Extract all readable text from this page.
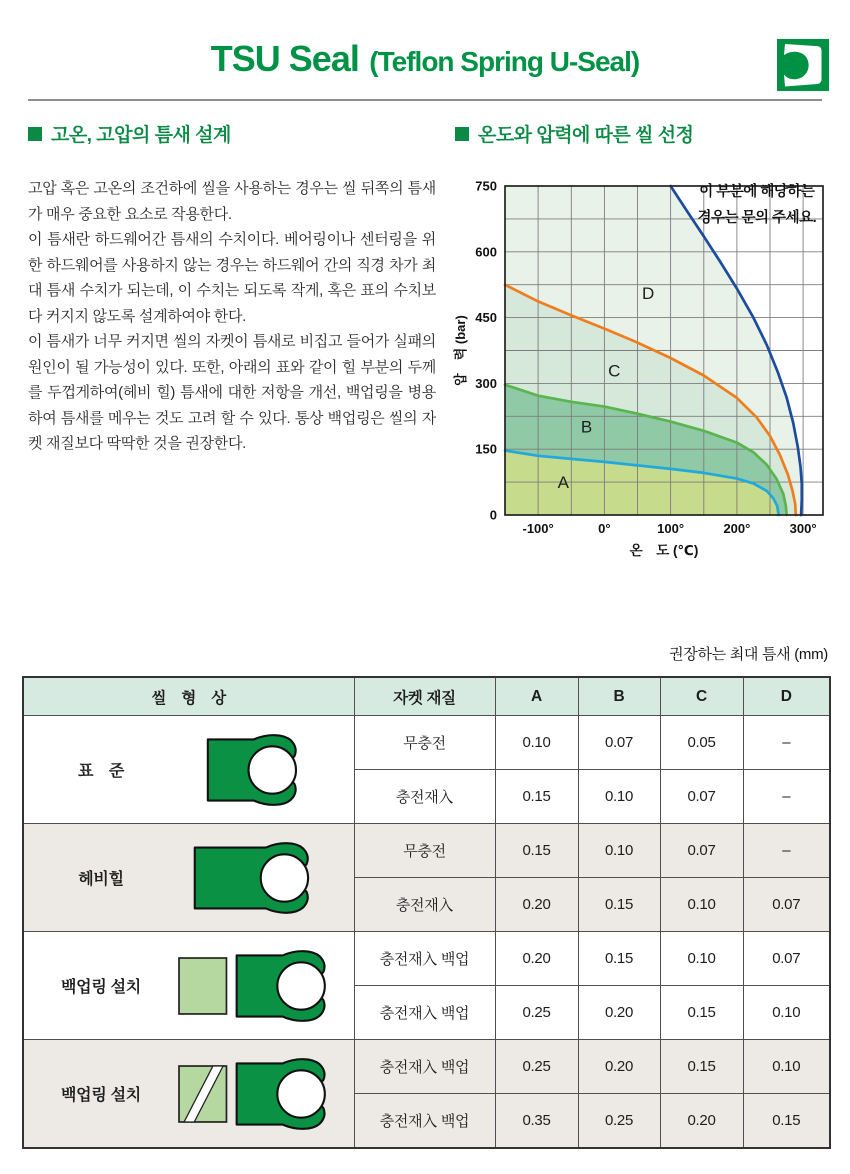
TSU Seal (Teflon Spring U-Seal)
고온, 고압의 틈새 설계	온도와 압력에 따른 씰 선정

고압 혹은 고온의 조건하에 씰을 사용하는 경우는 씰 뒤쪽의 틈새가 매우 중요한 요소로 작용한다.

이 틈새란 하드웨어간 틈새의 수치이다. 베어링이나 센터링을 위한 하드웨어를 사용하지 않는 경우는 하드웨어 간의 직경 차가 최대 틈새 수치가 되는데, 이 수치는 되도록 작게, 혹은 표의 수치보다 커지지 않도록 설계하여야 한다.

이 틈새가 너무 커지면 씰의 자켓이 틈새로 비집고 들어가 실패의 원인이 될 가능성이 있다. 또한, 아래의 표와 같이 힐 부분의 두께를 두껍게하여(헤비 힐) 틈새에 대한 저항을 개선, 백업링을 병용하여 틈새를 메우는 것도 고려 할 수 있다. 통상 백업링은 씰의 자켓 재질보다 딱딱한 것을 권장한다.

A
B
C
D
이 부분에 해당하는
경우는 문의 주세요.
0
150
300
450
600
750
-100°	0°	100°	200°	300°
온　도 (℃)
압　력 (bar)
권장하는 최대 틈새 (mm)
씰　형　상	자켓 재질	A	B	C	D

표　준	무충전	0.10	0.07	0.05	–
	충전재入	0.15	0.10	0.07	–

헤비힐	무충전	0.15	0.10	0.07	–
	충전재入	0.20	0.15	0.10	0.07

백업링 설치	충전재入 백업	0.20	0.15	0.10	0.07
	충전재入 백업	0.25	0.20	0.15	0.10

백업링 설치	충전재入 백업	0.25	0.20	0.15	0.10
	충전재入 백업	0.35	0.25	0.20	0.15
